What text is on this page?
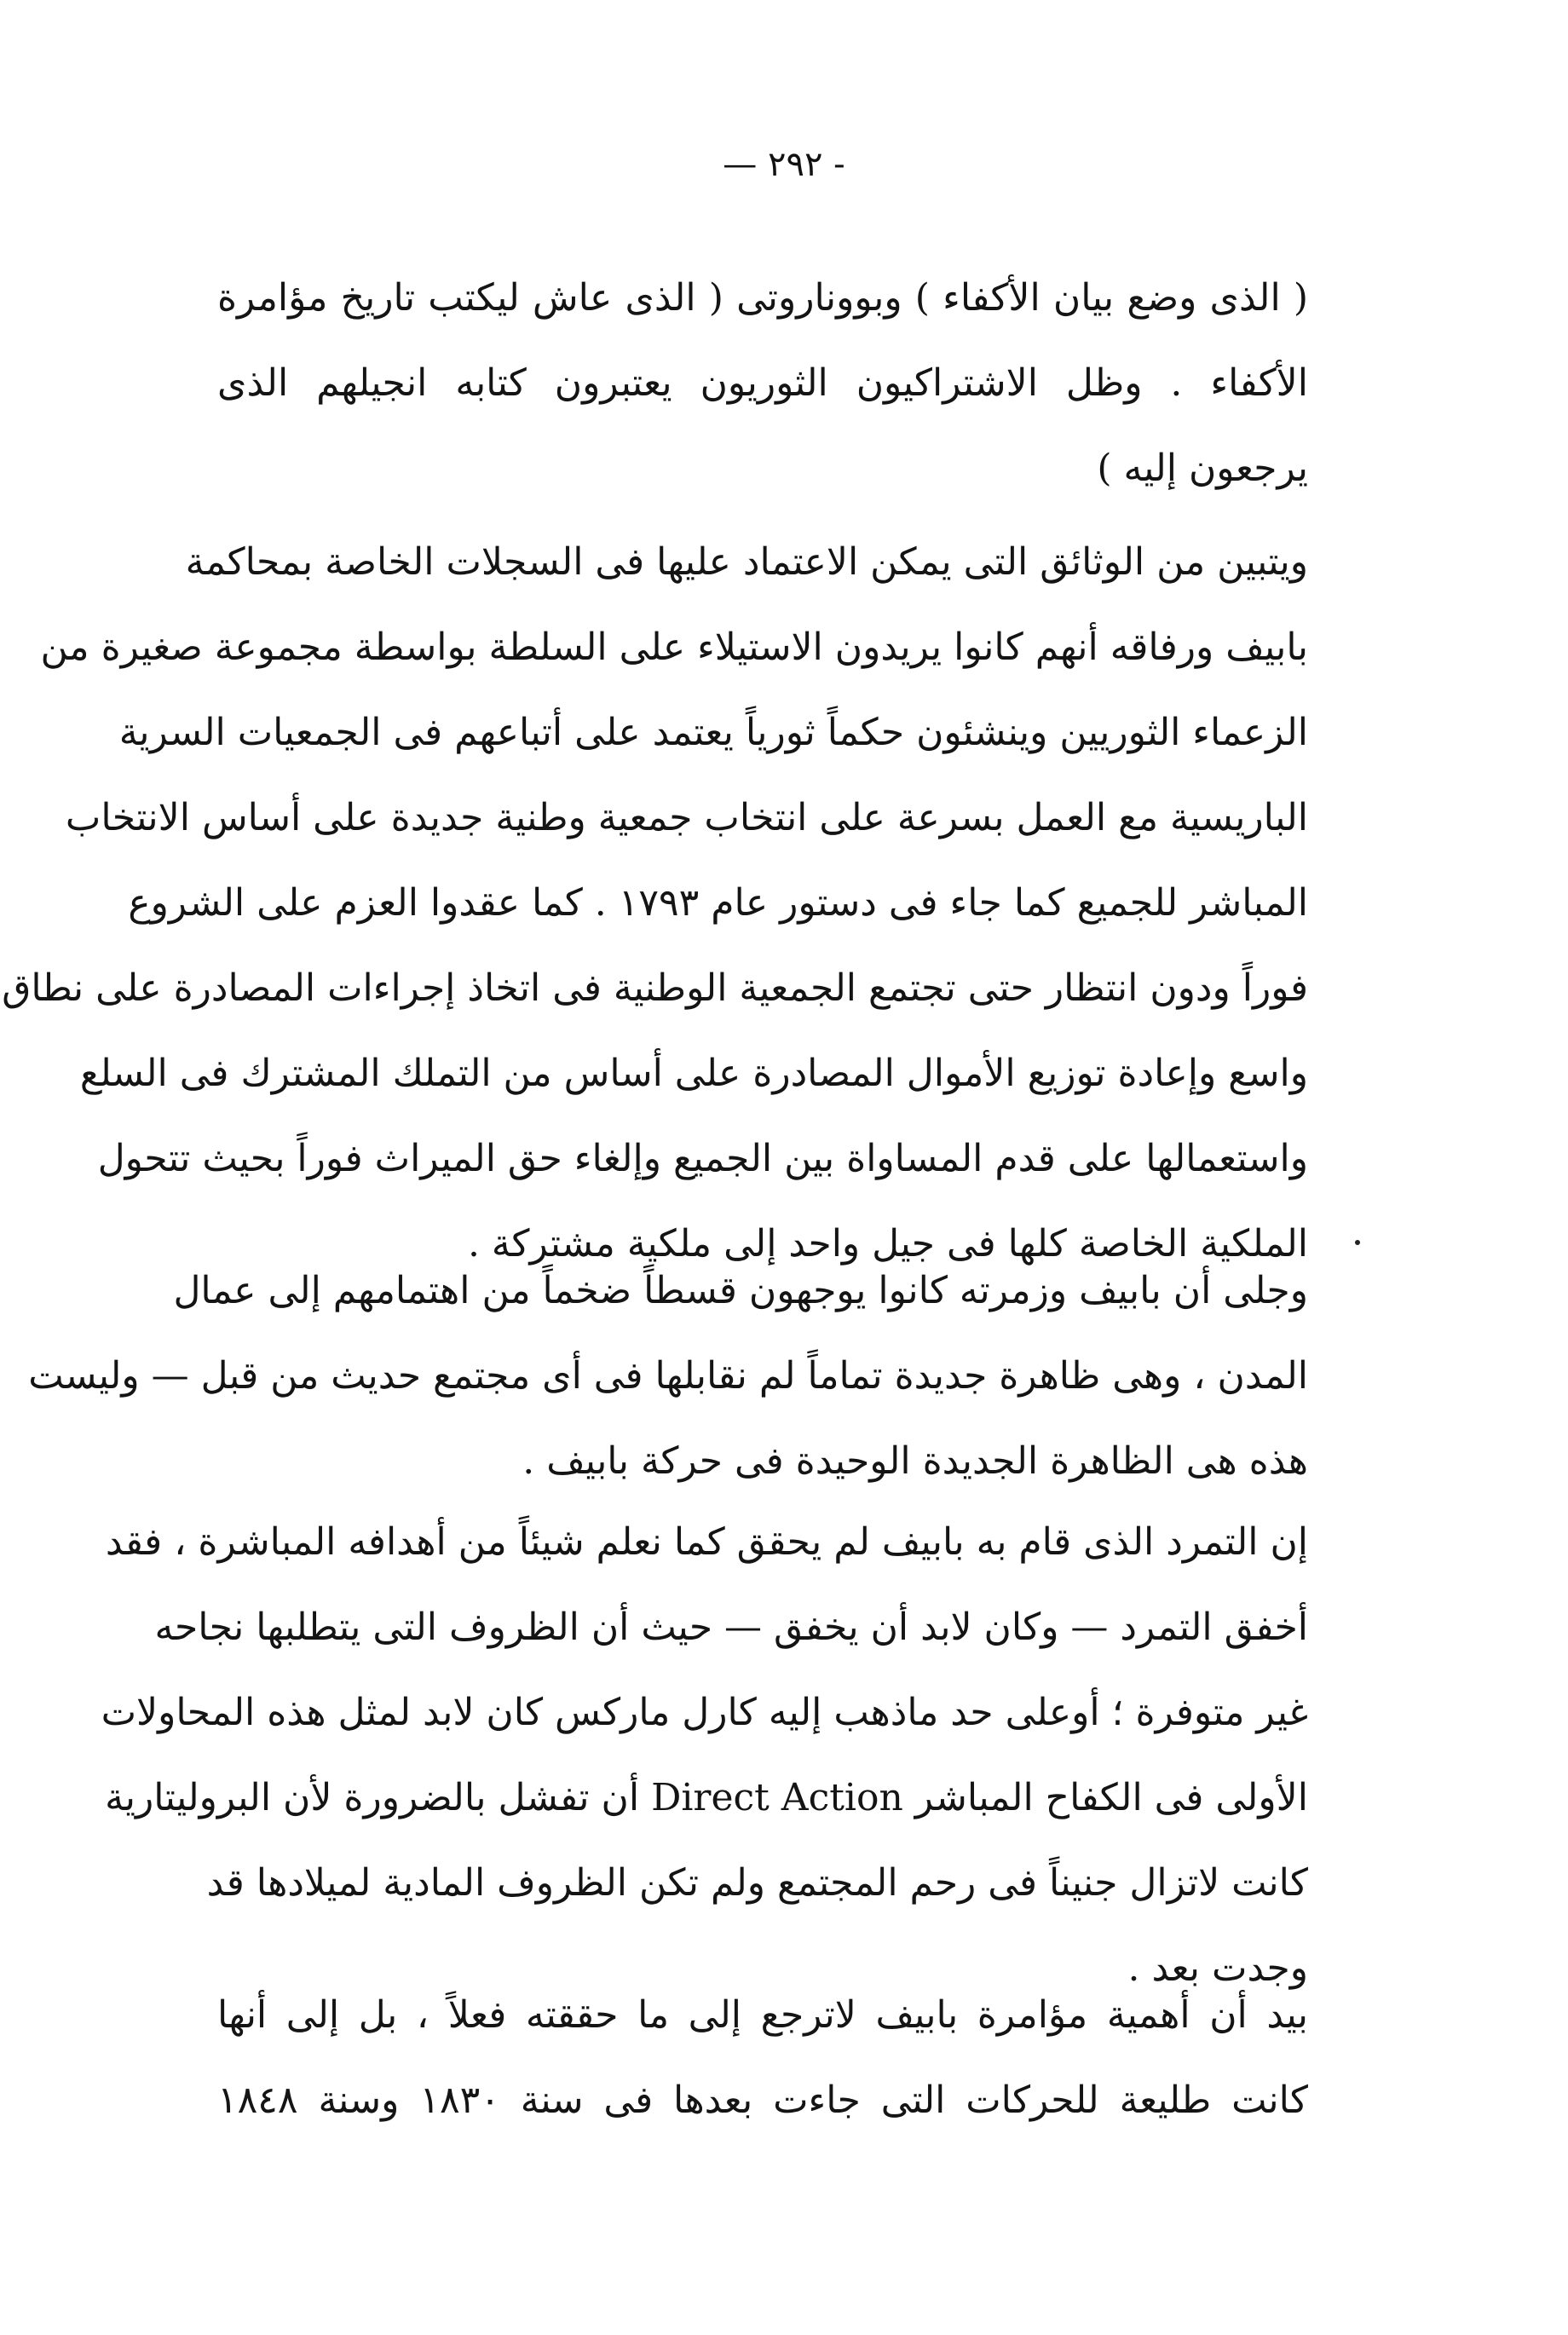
— ٢٩٢ -
( الذى وضع بيان الأكفاء ) وبووناروتى ( الذى عاش ليكتب تاريخ مؤامرة
الأكفاء . وظل الاشتراكيون الثوريون يعتبرون كتابه انجيلهم الذى
يرجعون إليه )
ويتبين من الوثائق التى يمكن الاعتماد عليها فى السجلات الخاصة بمحاكمة
بابيف ورفاقه أنهم كانوا يريدون الاستيلاء على السلطة بواسطة مجموعة صغيرة من
الزعماء الثوريين وينشئون حكماً ثورياً يعتمد على أتباعهم فى الجمعيات السرية
الباريسية مع العمل بسرعة على انتخاب جمعية وطنية جديدة على أساس الانتخاب
المباشر للجميع كما جاء فى دستور عام ١٧٩٣ . كما عقدوا العزم على الشروع
فوراً ودون انتظار حتى تجتمع الجمعية الوطنية فى اتخاذ إجراءات المصادرة على نطاق
واسع وإعادة توزيع الأموال المصادرة على أساس من التملك المشترك فى السلع
واستعمالها على قدم المساواة بين الجميع وإلغاء حق الميراث فوراً بحيث تتحول
الملكية الخاصة كلها فى جيل واحد إلى ملكية مشتركة .
وجلى أن بابيف وزمرته كانوا يوجهون قسطاً ضخماً من اهتمامهم إلى عمال
المدن ، وهى ظاهرة جديدة تماماً لم نقابلها فى أى مجتمع حديث من قبل — وليست
هذه هى الظاهرة الجديدة الوحيدة فى حركة بابيف .
إن التمرد الذى قام به بابيف لم يحقق كما نعلم شيئاً من أهدافه المباشرة ، فقد
أخفق التمرد — وكان لابد أن يخفق — حيث أن الظروف التى يتطلبها نجاحه
غير متوفرة ؛ أوعلى حد ماذهب إليه كارل ماركس كان لابد لمثل هذه المحاولات
الأولى فى الكفاح المباشر Direct Action أن تفشل بالضرورة لأن البروليتارية
كانت لاتزال جنيناً فى رحم المجتمع ولم تكن الظروف المادية لميلادها قد
وجدت بعد .
بيد أن أهمية مؤامرة بابيف لاترجع إلى ما حققته فعلاً ، بل إلى أنها
كانت طليعة للحركات التى جاءت بعدها فى سنة ١٨٣٠ وسنة ١٨٤٨
